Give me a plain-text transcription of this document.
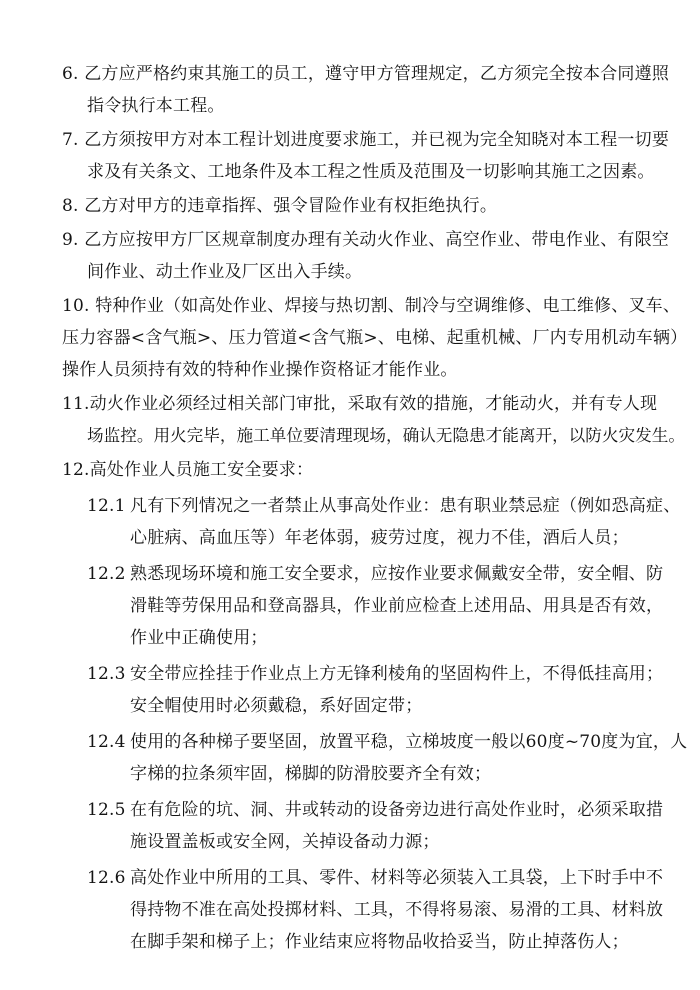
6. 乙方应严格约束其施工的员工，遵守甲方管理规定，乙方须完全按本合同遵照
指令执行本工程。
7. 乙方须按甲方对本工程计划进度要求施工，并已视为完全知晓对本工程一切要
求及有关条文、工地条件及本工程之性质及范围及一切影响其施工之因素。
8. 乙方对甲方的违章指挥、强令冒险作业有权拒绝执行。
9. 乙方应按甲方厂区规章制度办理有关动火作业、高空作业、带电作业、有限空
间作业、动土作业及厂区出入手续。
10. 特种作业（如高处作业、焊接与热切割、制冷与空调维修、电工维修、叉车、
压力容器<含气瓶>、压力管道<含气瓶>、电梯、起重机械、厂内专用机动车辆）
操作人员须持有效的特种作业操作资格证才能作业。
11.动火作业必须经过相关部门审批，采取有效的措施，才能动火，并有专人现
场监控。用火完毕，施工单位要清理现场，确认无隐患才能离开，以防火灾发生。
12.高处作业人员施工安全要求：
12.1 凡有下列情况之一者禁止从事高处作业：患有职业禁忌症（例如恐高症、
心脏病、高血压等）年老体弱，疲劳过度，视力不佳，酒后人员；
12.2 熟悉现场环境和施工安全要求，应按作业要求佩戴安全带，安全帽、防
滑鞋等劳保用品和登高器具，作业前应检查上述用品、用具是否有效，
作业中正确使用；
12.3 安全带应拴挂于作业点上方无锋利棱角的坚固构件上，不得低挂高用；
安全帽使用时必须戴稳，系好固定带；
12.4 使用的各种梯子要坚固，放置平稳，立梯坡度一般以60度~70度为宜，人
字梯的拉条须牢固，梯脚的防滑胶要齐全有效；
12.5 在有危险的坑、洞、井或转动的设备旁边进行高处作业时，必须采取措
施设置盖板或安全网，关掉设备动力源；
12.6 高处作业中所用的工具、零件、材料等必须装入工具袋，上下时手中不
得持物不准在高处投掷材料、工具，不得将易滚、易滑的工具、材料放
在脚手架和梯子上；作业结束应将物品收拾妥当，防止掉落伤人；
